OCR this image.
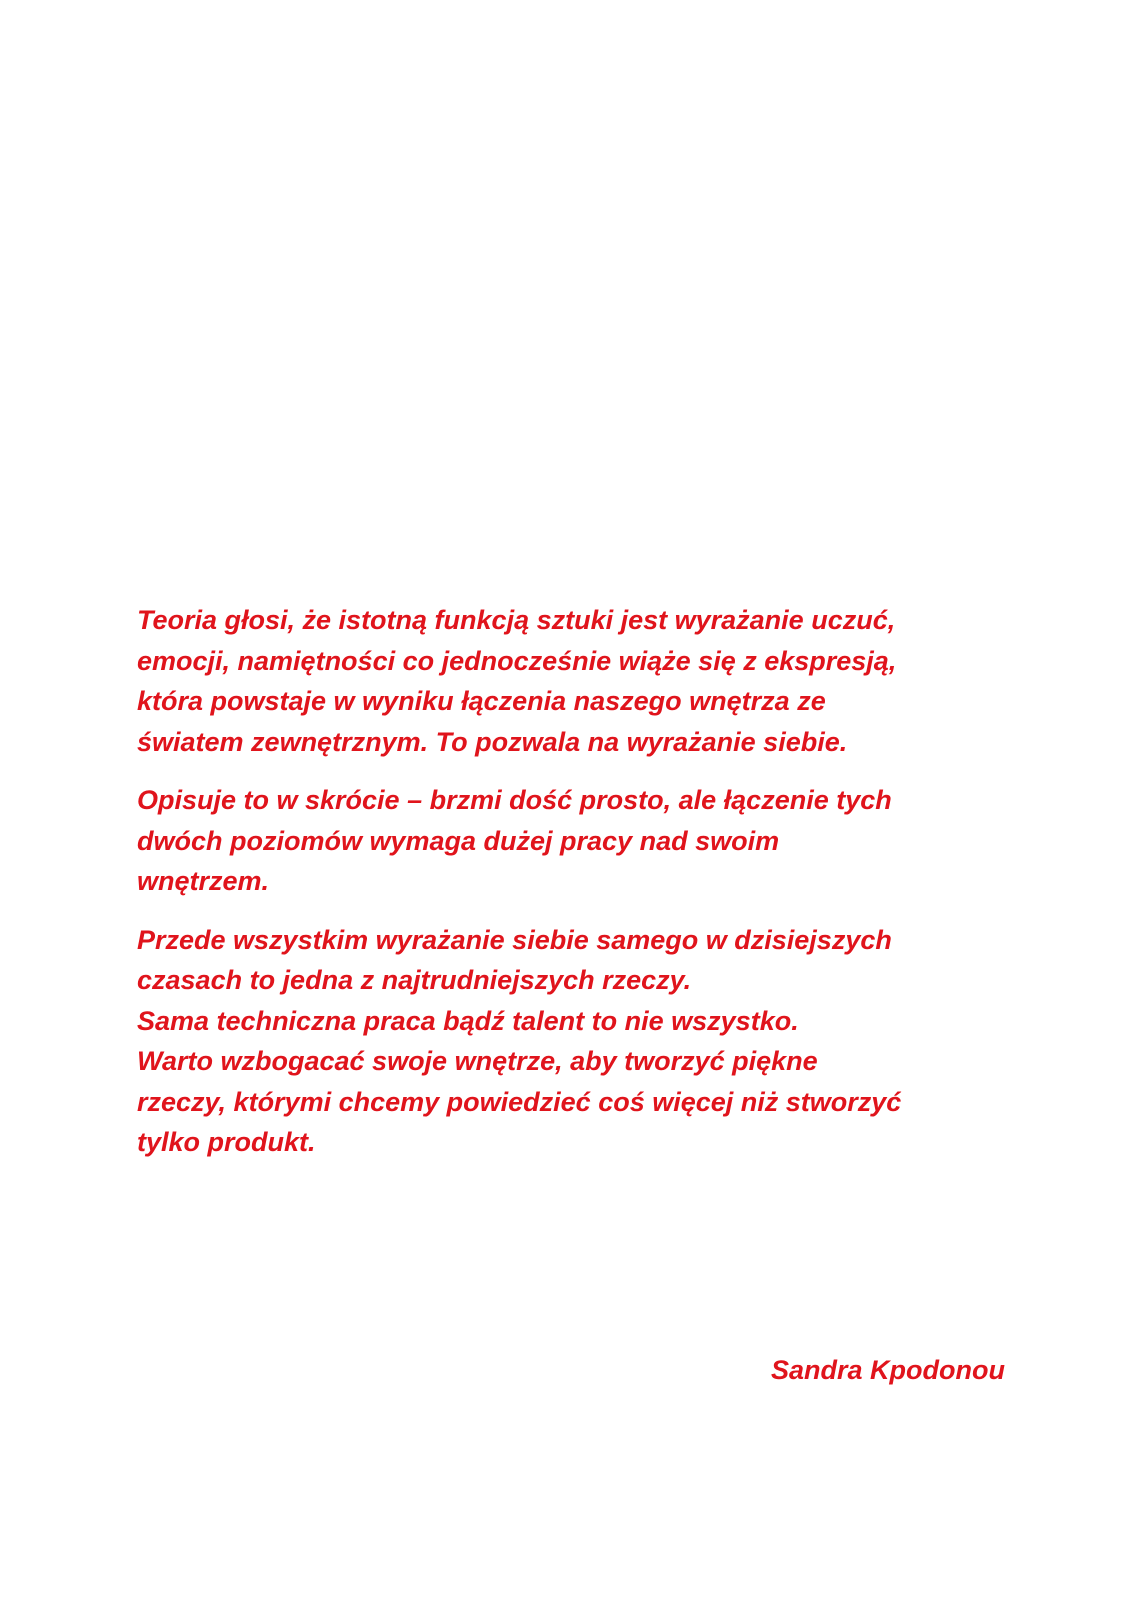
Teoria głosi, że istotną funkcją sztuki jest wyrażanie uczuć,
emocji, namiętności co jednocześnie wiąże się z ekspresją,
która powstaje w wyniku łączenia naszego wnętrza ze
światem zewnętrznym. To pozwala na wyrażanie siebie.

Opisuje to w skrócie – brzmi dość prosto, ale łączenie tych
dwóch poziomów wymaga dużej pracy nad swoim
wnętrzem.

Przede wszystkim wyrażanie siebie samego w dzisiejszych
czasach to jedna z najtrudniejszych rzeczy.
Sama techniczna praca bądź talent to nie wszystko.
Warto wzbogacać swoje wnętrze, aby tworzyć piękne
rzeczy, którymi chcemy powiedzieć coś więcej niż stworzyć
tylko produkt.

Sandra Kpodonou
